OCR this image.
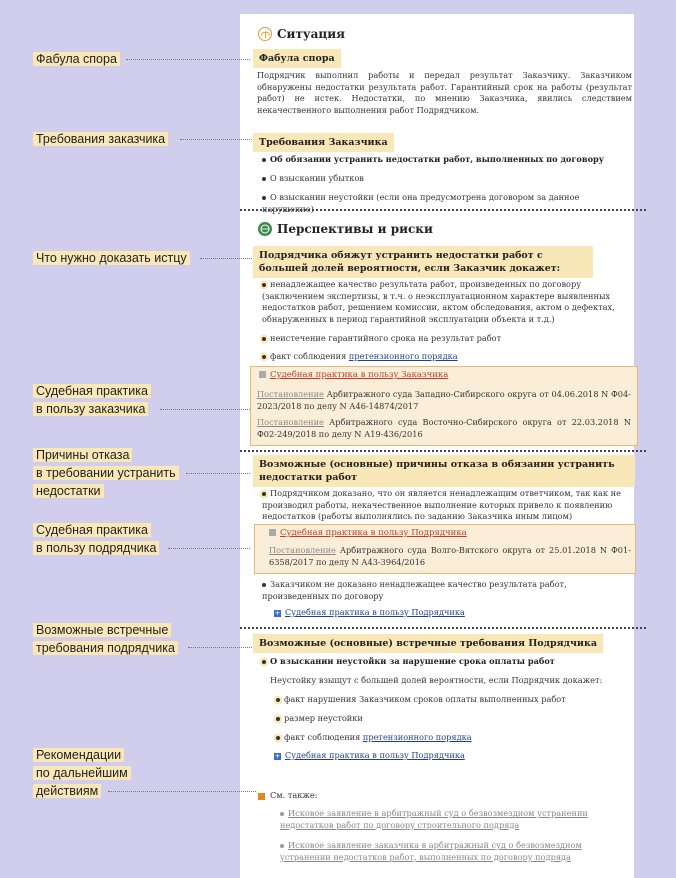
Фабула спора
Требования заказчика
Что нужно доказать истцу
Судебная практика
в пользу заказчика
Причины отказа
в требовании устранить
недостатки
Судебная практика
в пользу подрядчика
Возможные встречные
требования подрядчика
Рекомендации
по дальнейшим
действиям
Ситуация
Фабула спора
Подрядчик выполнил работы и передал результат Заказчику. Заказчиком обнаружены недостатки результата работ. Гарантийный срок на работы (результат работ) не истек. Недостатки, по мнению Заказчика, явились следствием некачественного выполнения работ Подрядчиком.
Требования Заказчика
Об обязании устранить недостатки работ, выполненных по договору
О взыскании убытков
О взыскании неустойки (если она предусмотрена договором за данное нарушение)
Перспективы и риски
Подрядчика обяжут устранить недостатки работ с большей долей вероятности, если Заказчик докажет:
ненадлежащее качество результата работ, произведенных по договору (заключением экспертизы, в т.ч. о неэксплуатационном характере выявленных недостатков работ, решением комиссии, актом обследования, актом о дефектах, обнаруженных в период гарантийной эксплуатации объекта и т.д.)
неистечение гарантийного срока на результат работ
факт соблюдения претензионного порядка
Судебная практика в пользу Заказчика
Постановление Арбитражного суда Западно-Сибирского округа от 04.06.2018 N Ф04-2023/2018 по делу N А46-14874/2017
Постановление Арбитражного суда Восточно-Сибирского округа от 22.03.2018 N Ф02-249/2018 по делу N А19-436/2016
Возможные (основные) причины отказа в обязании устранить недостатки работ
Подрядчиком доказано, что он является ненадлежащим ответчиком, так как не производил работы, некачественное выполнение которых привело к появлению недостатков (работы выполнялись по заданию Заказчика иным лицом)
Судебная практика в пользу Подрядчика
Постановление Арбитражного суда Волго-Вятского округа от 25.01.2018 N Ф01-6358/2017 по делу N А43-3964/2016
Заказчиком не доказано ненадлежащее качество результата работ, произведенных по договору
+ Судебная практика в пользу Подрядчика
Возможные (основные) встречные требования Подрядчика
О взыскании неустойки за нарушение срока оплаты работ
Неустойку взыщут с большей долей вероятности, если Подрядчик докажет:
факт нарушения Заказчиком сроков оплаты выполненных работ
размер неустойки
факт соблюдения претензионного порядка
+ Судебная практика в пользу Подрядчика
См. также:
Исковое заявление в арбитражный суд о безвозмездном устранении недостатков работ по договору строительного подряда
Исковое заявление заказчика в арбитражный суд о безвозмездном устранении недостатков работ, выполненных по договору подряда
